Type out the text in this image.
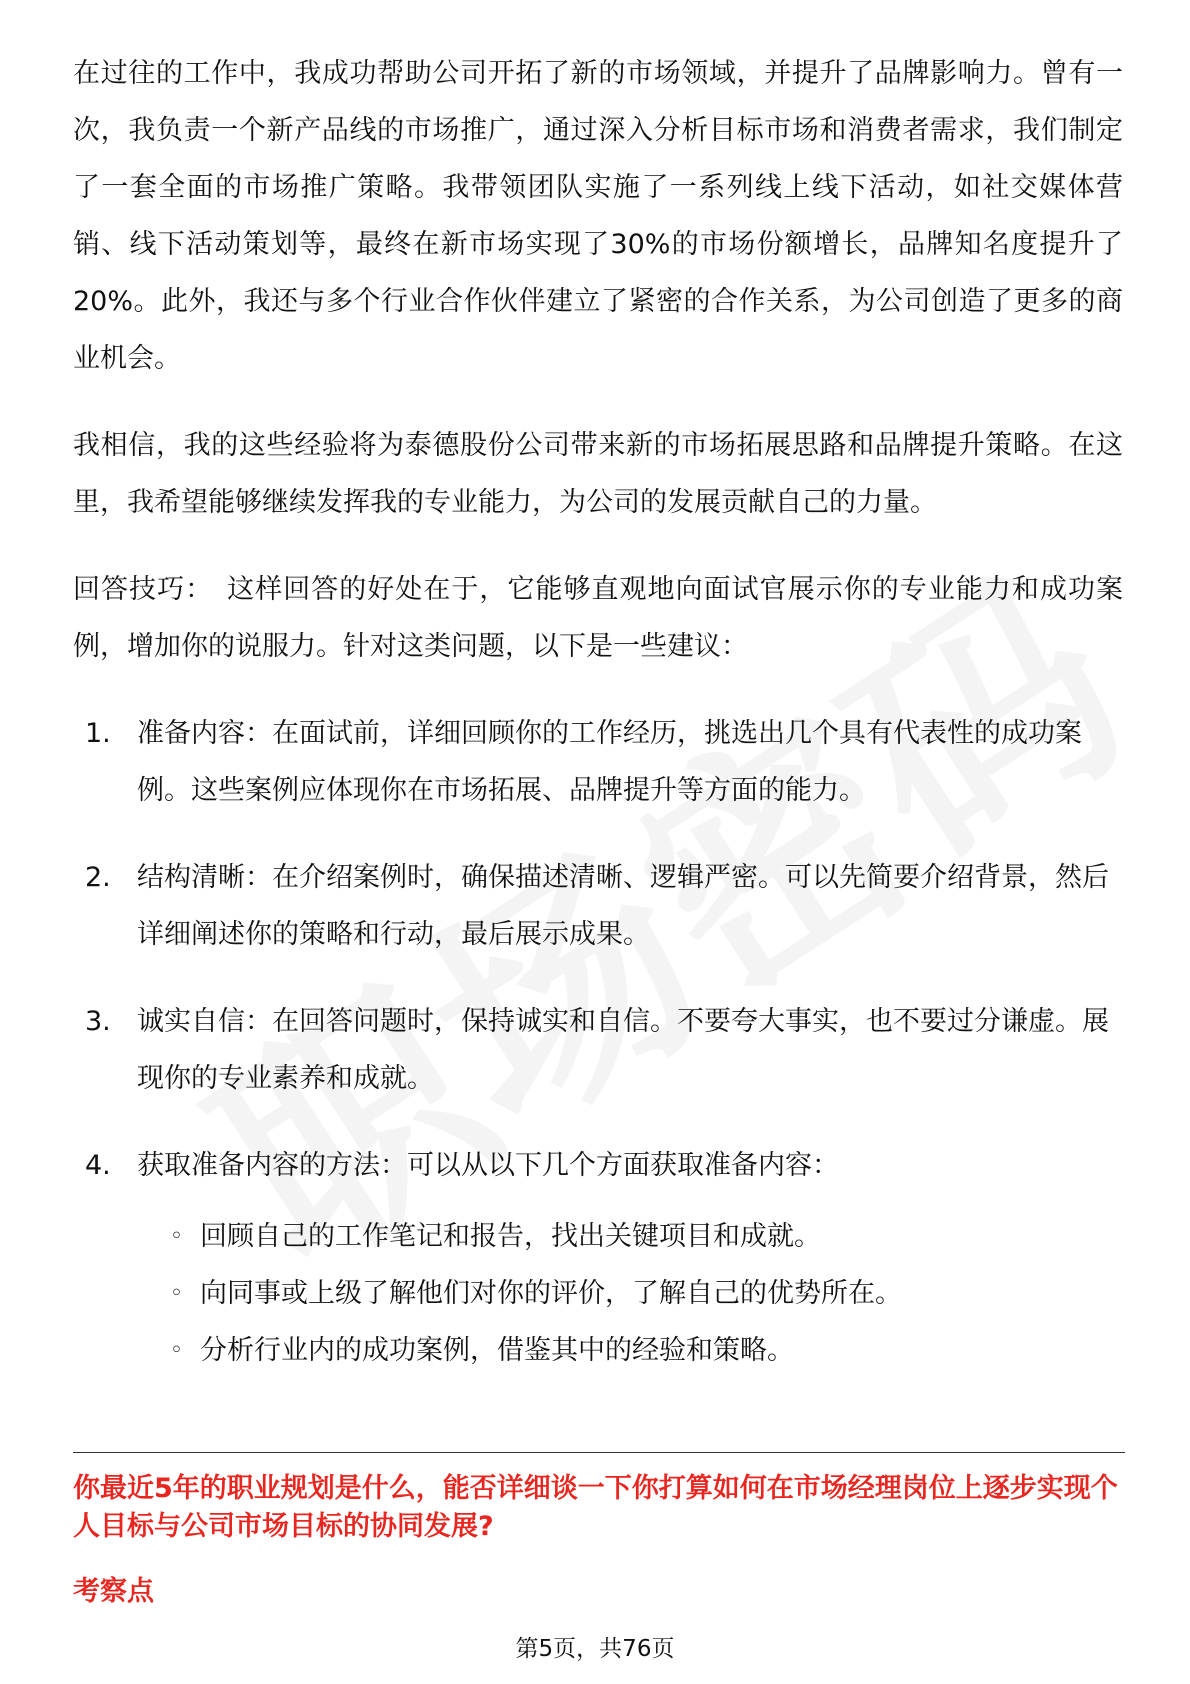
在过往的工作中，我成功帮助公司开拓了新的市场领域，并提升了品牌影响力。曾有一次，我负责一个新产品线的市场推广，通过深入分析目标市场和消费者需求，我们制定了一套全面的市场推广策略。我带领团队实施了一系列线上线下活动，如社交媒体营销、线下活动策划等，最终在新市场实现了30%的市场份额增长，品牌知名度提升了20%。此外，我还与多个行业合作伙伴建立了紧密的合作关系，为公司创造了更多的商业机会。

我相信，我的这些经验将为泰德股份公司带来新的市场拓展思路和品牌提升策略。在这里，我希望能够继续发挥我的专业能力，为公司的发展贡献自己的力量。

回答技巧： 这样回答的好处在于，它能够直观地向面试官展示你的专业能力和成功案例，增加你的说服力。针对这类问题，以下是一些建议：

1. 准备内容：在面试前，详细回顾你的工作经历，挑选出几个具有代表性的成功案例。这些案例应体现你在市场拓展、品牌提升等方面的能力。
2. 结构清晰：在介绍案例时，确保描述清晰、逻辑严密。可以先简要介绍背景，然后详细阐述你的策略和行动，最后展示成果。
3. 诚实自信：在回答问题时，保持诚实和自信。不要夸大事实，也不要过分谦虚。展现你的专业素养和成就。
4. 获取准备内容的方法：可以从以下几个方面获取准备内容：
◦ 回顾自己的工作笔记和报告，找出关键项目和成就。
◦ 向同事或上级了解他们对你的评价，了解自己的优势所在。
◦ 分析行业内的成功案例，借鉴其中的经验和策略。
你最近5年的职业规划是什么，能否详细谈一下你打算如何在市场经理岗位上逐步实现个人目标与公司市场目标的协同发展?
考察点
第5页，共76页
